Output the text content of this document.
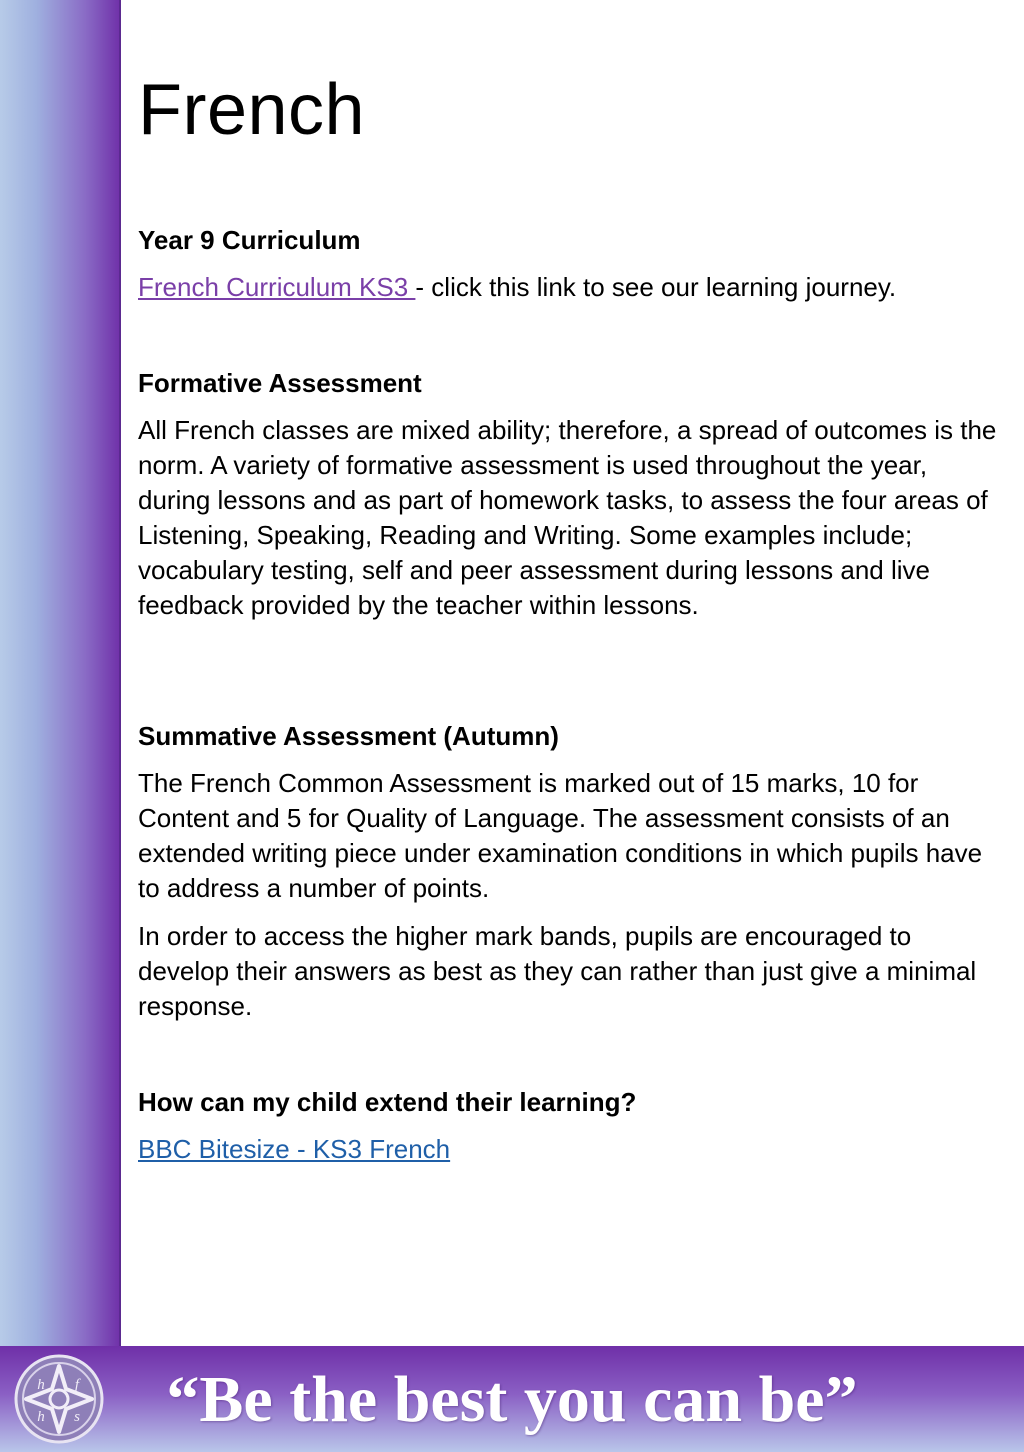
French
Year 9 Curriculum

French Curriculum KS3 - click this link to see our learning journey.

Formative Assessment

All French classes are mixed ability; therefore, a spread of outcomes is the norm. A variety of formative assessment is used throughout the year, during lessons and as part of homework tasks, to assess the four areas of Listening, Speaking, Reading and Writing. Some examples include; vocabulary testing, self and peer assessment during lessons and live feedback provided by the teacher within lessons.

Summative Assessment (Autumn)

The French Common Assessment is marked out of 15 marks, 10 for Content and 5 for Quality of Language. The assessment consists of an extended writing piece under examination conditions in which pupils have to address a number of points.

In order to access the higher mark bands, pupils are encouraged to develop their answers as best as they can rather than just give a minimal response.

How can my child extend their learning?

BBC Bitesize - KS3 French

h f
h s	“Be the best you can be”
